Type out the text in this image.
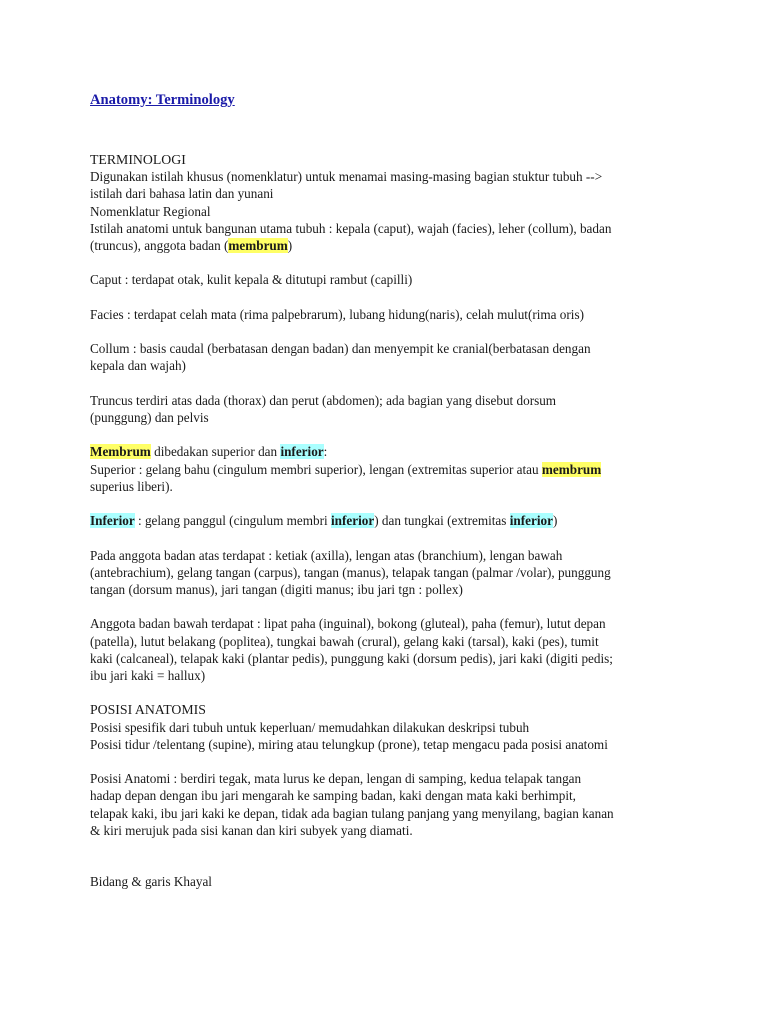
Anatomy: Terminology

TERMINOLOGI

Digunakan istilah khusus (nomenklatur) untuk menamai masing-masing bagian stuktur tubuh -->

istilah dari bahasa latin dan yunani

Nomenklatur Regional

Istilah anatomi untuk bangunan utama tubuh : kepala (caput), wajah (facies), leher (collum), badan

(truncus), anggota badan (membrum)

Caput : terdapat otak, kulit kepala & ditutupi rambut (capilli)

Facies : terdapat celah mata (rima palpebrarum), lubang hidung(naris), celah mulut(rima oris)

Collum : basis caudal (berbatasan dengan badan) dan menyempit ke cranial(berbatasan dengan

kepala dan wajah)

Truncus terdiri atas dada (thorax) dan perut (abdomen); ada bagian yang disebut dorsum

(punggung) dan pelvis

Membrum dibedakan superior dan inferior:

Superior : gelang bahu (cingulum membri superior), lengan (extremitas superior atau membrum

superius liberi).

Inferior : gelang panggul (cingulum membri inferior) dan tungkai (extremitas inferior)

Pada anggota badan atas terdapat : ketiak (axilla), lengan atas (branchium), lengan bawah

(antebrachium), gelang tangan (carpus), tangan (manus), telapak tangan (palmar /volar), punggung

tangan (dorsum manus), jari tangan (digiti manus; ibu jari tgn : pollex)

Anggota badan bawah terdapat : lipat paha (inguinal), bokong (gluteal), paha (femur), lutut depan

(patella), lutut belakang (poplitea), tungkai bawah (crural), gelang kaki (tarsal), kaki (pes), tumit

kaki (calcaneal), telapak kaki (plantar pedis), punggung kaki (dorsum pedis), jari kaki (digiti pedis;

ibu jari kaki = hallux)

POSISI ANATOMIS

Posisi spesifik dari tubuh untuk keperluan/ memudahkan dilakukan deskripsi tubuh

Posisi tidur /telentang (supine), miring atau telungkup (prone), tetap mengacu pada posisi anatomi

Posisi Anatomi : berdiri tegak, mata lurus ke depan, lengan di samping, kedua telapak tangan

hadap depan dengan ibu jari mengarah ke samping badan, kaki dengan mata kaki berhimpit,

telapak kaki, ibu jari kaki ke depan, tidak ada bagian tulang panjang yang menyilang, bagian kanan

& kiri merujuk pada sisi kanan dan kiri subyek yang diamati.

Bidang & garis Khayal
